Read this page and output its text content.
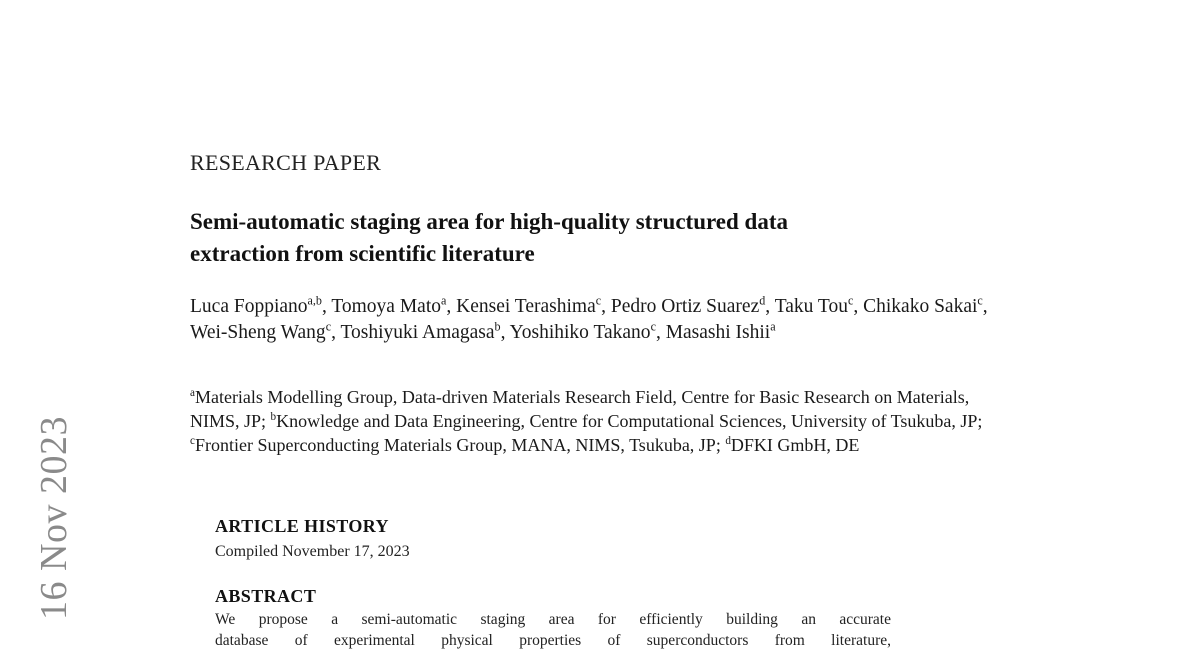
16 Nov 2023
RESEARCH PAPER
Semi-automatic staging area for high-quality structured data
extraction from scientific literature
Luca Foppiano$^{a,b}$, Tomoya Mato$^a$, Kensei Terashima$^c$, Pedro Ortiz Suarez$^d$, Taku Tou$^c$, Chikako Sakai$^c$, Wei-Sheng Wang$^c$, Toshiyuki Amagasa$^b$, Yoshihiko Takano$^c$, Masashi Ishii$^a$
$^a$Materials Modelling Group, Data-driven Materials Research Field, Centre for Basic Research on Materials, NIMS, JP; $^b$Knowledge and Data Engineering, Centre for Computational Sciences, University of Tsukuba, JP; $^c$Frontier Superconducting Materials Group, MANA, NIMS, Tsukuba, JP; $^d$DFKI GmbH, DE
ARTICLE HISTORY
Compiled November 17, 2023
ABSTRACT
We propose a semi-automatic staging area for efficiently building an accurate
database of experimental physical properties of superconductors from literature,
